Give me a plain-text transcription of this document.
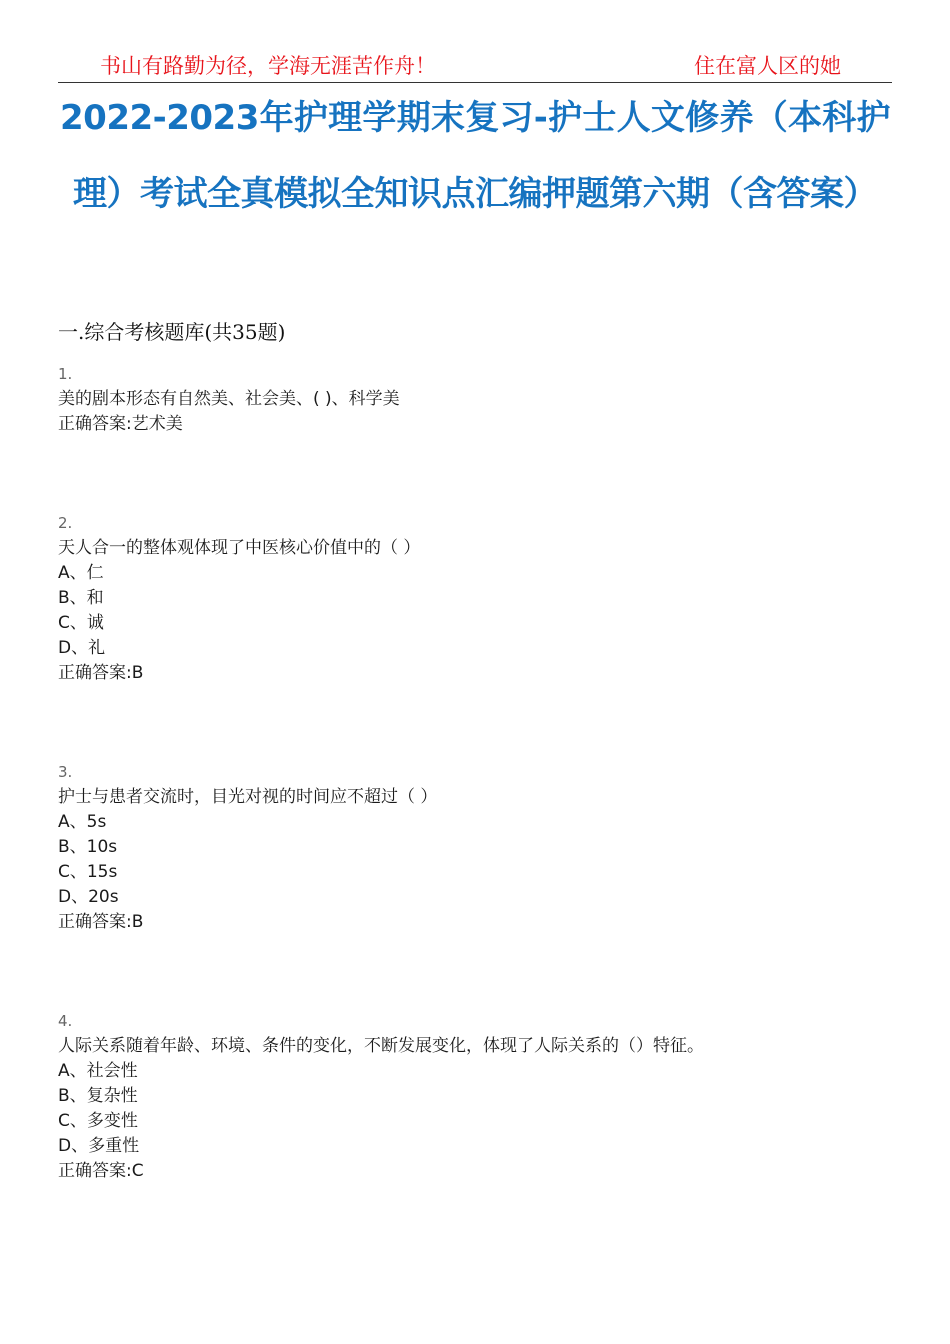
书山有路勤为径，学海无涯苦作舟！	住在富人区的她
2022-2023年护理学期末复习-护士人文修养（本科护理）考试全真模拟全知识点汇编押题第六期（含答案）
一.综合考核题库(共35题)
1.
美的剧本形态有自然美、社会美、( )、科学美
正确答案:艺术美
2.
天人合一的整体观体现了中医核心价值中的（ ）
A、仁
B、和
C、诚
D、礼
正确答案:B
3.
护士与患者交流时，目光对视的时间应不超过（ ）
A、5s
B、10s
C、15s
D、20s
正确答案:B
4.
人际关系随着年龄、环境、条件的变化，不断发展变化，体现了人际关系的（）特征。
A、社会性
B、复杂性
C、多变性
D、多重性
正确答案:C
